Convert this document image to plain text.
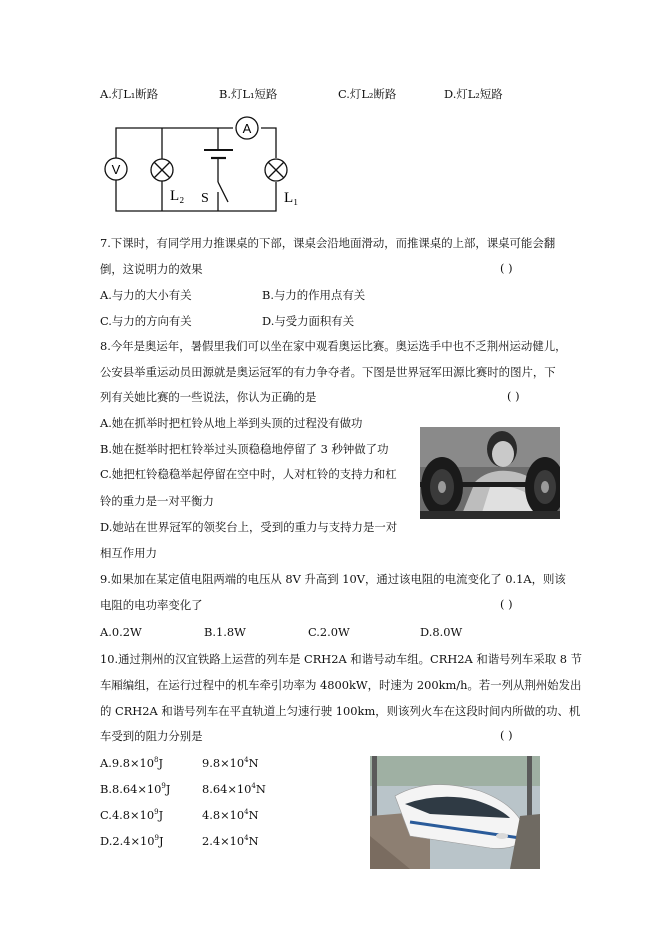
A.灯L₁断路	B.灯L₁短路	C.灯L₂断路	D.灯L₂短路
A
V
S
L₂	L₁
7.下课时，有同学用力推课桌的下部，课桌会沿地面滑动，而推课桌的上部，课桌可能会翻
倒，这说明力的效果	( )
A.与力的大小有关	B.与力的作用点有关
C.与力的方向有关	D.与受力面积有关
8.今年是奥运年，暑假里我们可以坐在家中观看奥运比赛。奥运选手中也不乏荆州运动健儿，
公安县举重运动员田源就是奥运冠军的有力争夺者。下图是世界冠军田源比赛时的图片，下
列有关她比赛的一些说法，你认为正确的是	( )
A.她在抓举时把杠铃从地上举到头顶的过程没有做功
B.她在挺举时把杠铃举过头顶稳稳地停留了 3 秒钟做了功
C.她把杠铃稳稳举起停留在空中时，人对杠铃的支持力和杠
铃的重力是一对平衡力
D.她站在世界冠军的领奖台上，受到的重力与支持力是一对
相互作用力
9.如果加在某定值电阻两端的电压从 8V 升高到 10V，通过该电阻的电流变化了 0.1A，则该
电阻的电功率变化了	( )
A.0.2W	B.1.8W	C.2.0W	D.8.0W
10.通过荆州的汉宜铁路上运营的列车是 CRH2A 和谐号动车组。CRH2A 和谐号列车采取 8 节
车厢编组，在运行过程中的机车牵引功率为 4800kW，时速为 200km/h。若一列从荆州始发出
的 CRH2A 和谐号列车在平直轨道上匀速行驶 100km，则该列火车在这段时间内所做的功、机
车受到的阻力分别是	( )
$A.9.8\times 10^8J$	$9.8\times 10^4N$
$B.8.64\times 10^9J$	$8.64\times 10^4N$
$C.4.8\times 10^9J$	$4.8\times 10^4N$
$D.2.4\times 10^9J$	$2.4\times 10^4N$
